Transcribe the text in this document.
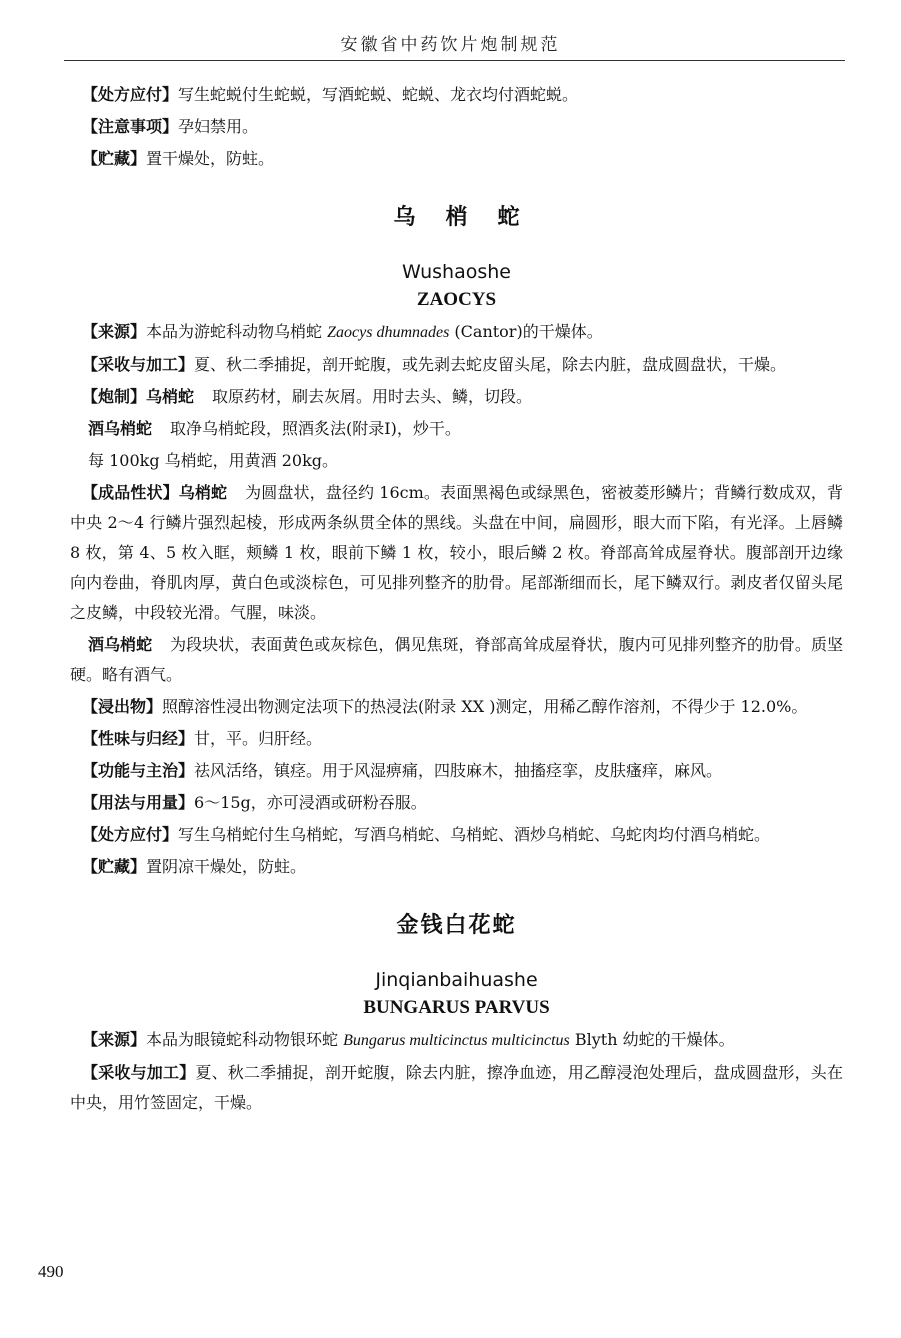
安徽省中药饮片炮制规范

【处方应付】写生蛇蜕付生蛇蜕，写酒蛇蜕、蛇蜕、龙衣均付酒蛇蜕。

【注意事项】孕妇禁用。

【贮藏】置干燥处，防蛀。

乌梢蛇
Wushaoshe
ZAOCYS

【来源】本品为游蛇科动物乌梢蛇 Zaocys dhumnades (Cantor)的干燥体。

【采收与加工】夏、秋二季捕捉，剖开蛇腹，或先剥去蛇皮留头尾，除去内脏，盘成圆盘状，干燥。

【炮制】乌梢蛇 取原药材，刷去灰屑。用时去头、鳞，切段。

酒乌梢蛇 取净乌梢蛇段，照酒炙法(附录Ⅰ)，炒干。

每 100kg 乌梢蛇，用黄酒 20kg。

【成品性状】乌梢蛇 为圆盘状，盘径约 16cm。表面黑褐色或绿黑色，密被菱形鳞片；背鳞行数成双，背中央 2～4 行鳞片强烈起棱，形成两条纵贯全体的黑线。头盘在中间，扁圆形，眼大而下陷，有光泽。上唇鳞 8 枚，第 4、5 枚入眶，颊鳞 1 枚，眼前下鳞 1 枚，较小，眼后鳞 2 枚。脊部高耸成屋脊状。腹部剖开边缘向内卷曲，脊肌肉厚，黄白色或淡棕色，可见排列整齐的肋骨。尾部渐细而长，尾下鳞双行。剥皮者仅留头尾之皮鳞，中段较光滑。气腥，味淡。

酒乌梢蛇 为段块状，表面黄色或灰棕色，偶见焦斑，脊部高耸成屋脊状，腹内可见排列整齐的肋骨。质坚硬。略有酒气。

【浸出物】照醇溶性浸出物测定法项下的热浸法(附录 XX )测定，用稀乙醇作溶剂，不得少于 12.0%。

【性味与归经】甘，平。归肝经。

【功能与主治】祛风活络，镇痉。用于风湿痹痛，四肢麻木，抽搐痉挛，皮肤瘙痒，麻风。

【用法与用量】6～15g，亦可浸酒或研粉吞服。

【处方应付】写生乌梢蛇付生乌梢蛇，写酒乌梢蛇、乌梢蛇、酒炒乌梢蛇、乌蛇肉均付酒乌梢蛇。

【贮藏】置阴凉干燥处，防蛀。

金钱白花蛇
Jinqianbaihuashe
BUNGARUS PARVUS

【来源】本品为眼镜蛇科动物银环蛇 Bungarus multicinctus multicinctus Blyth 幼蛇的干燥体。

【采收与加工】夏、秋二季捕捉，剖开蛇腹，除去内脏，擦净血迹，用乙醇浸泡处理后，盘成圆盘形，头在中央，用竹签固定，干燥。

490
